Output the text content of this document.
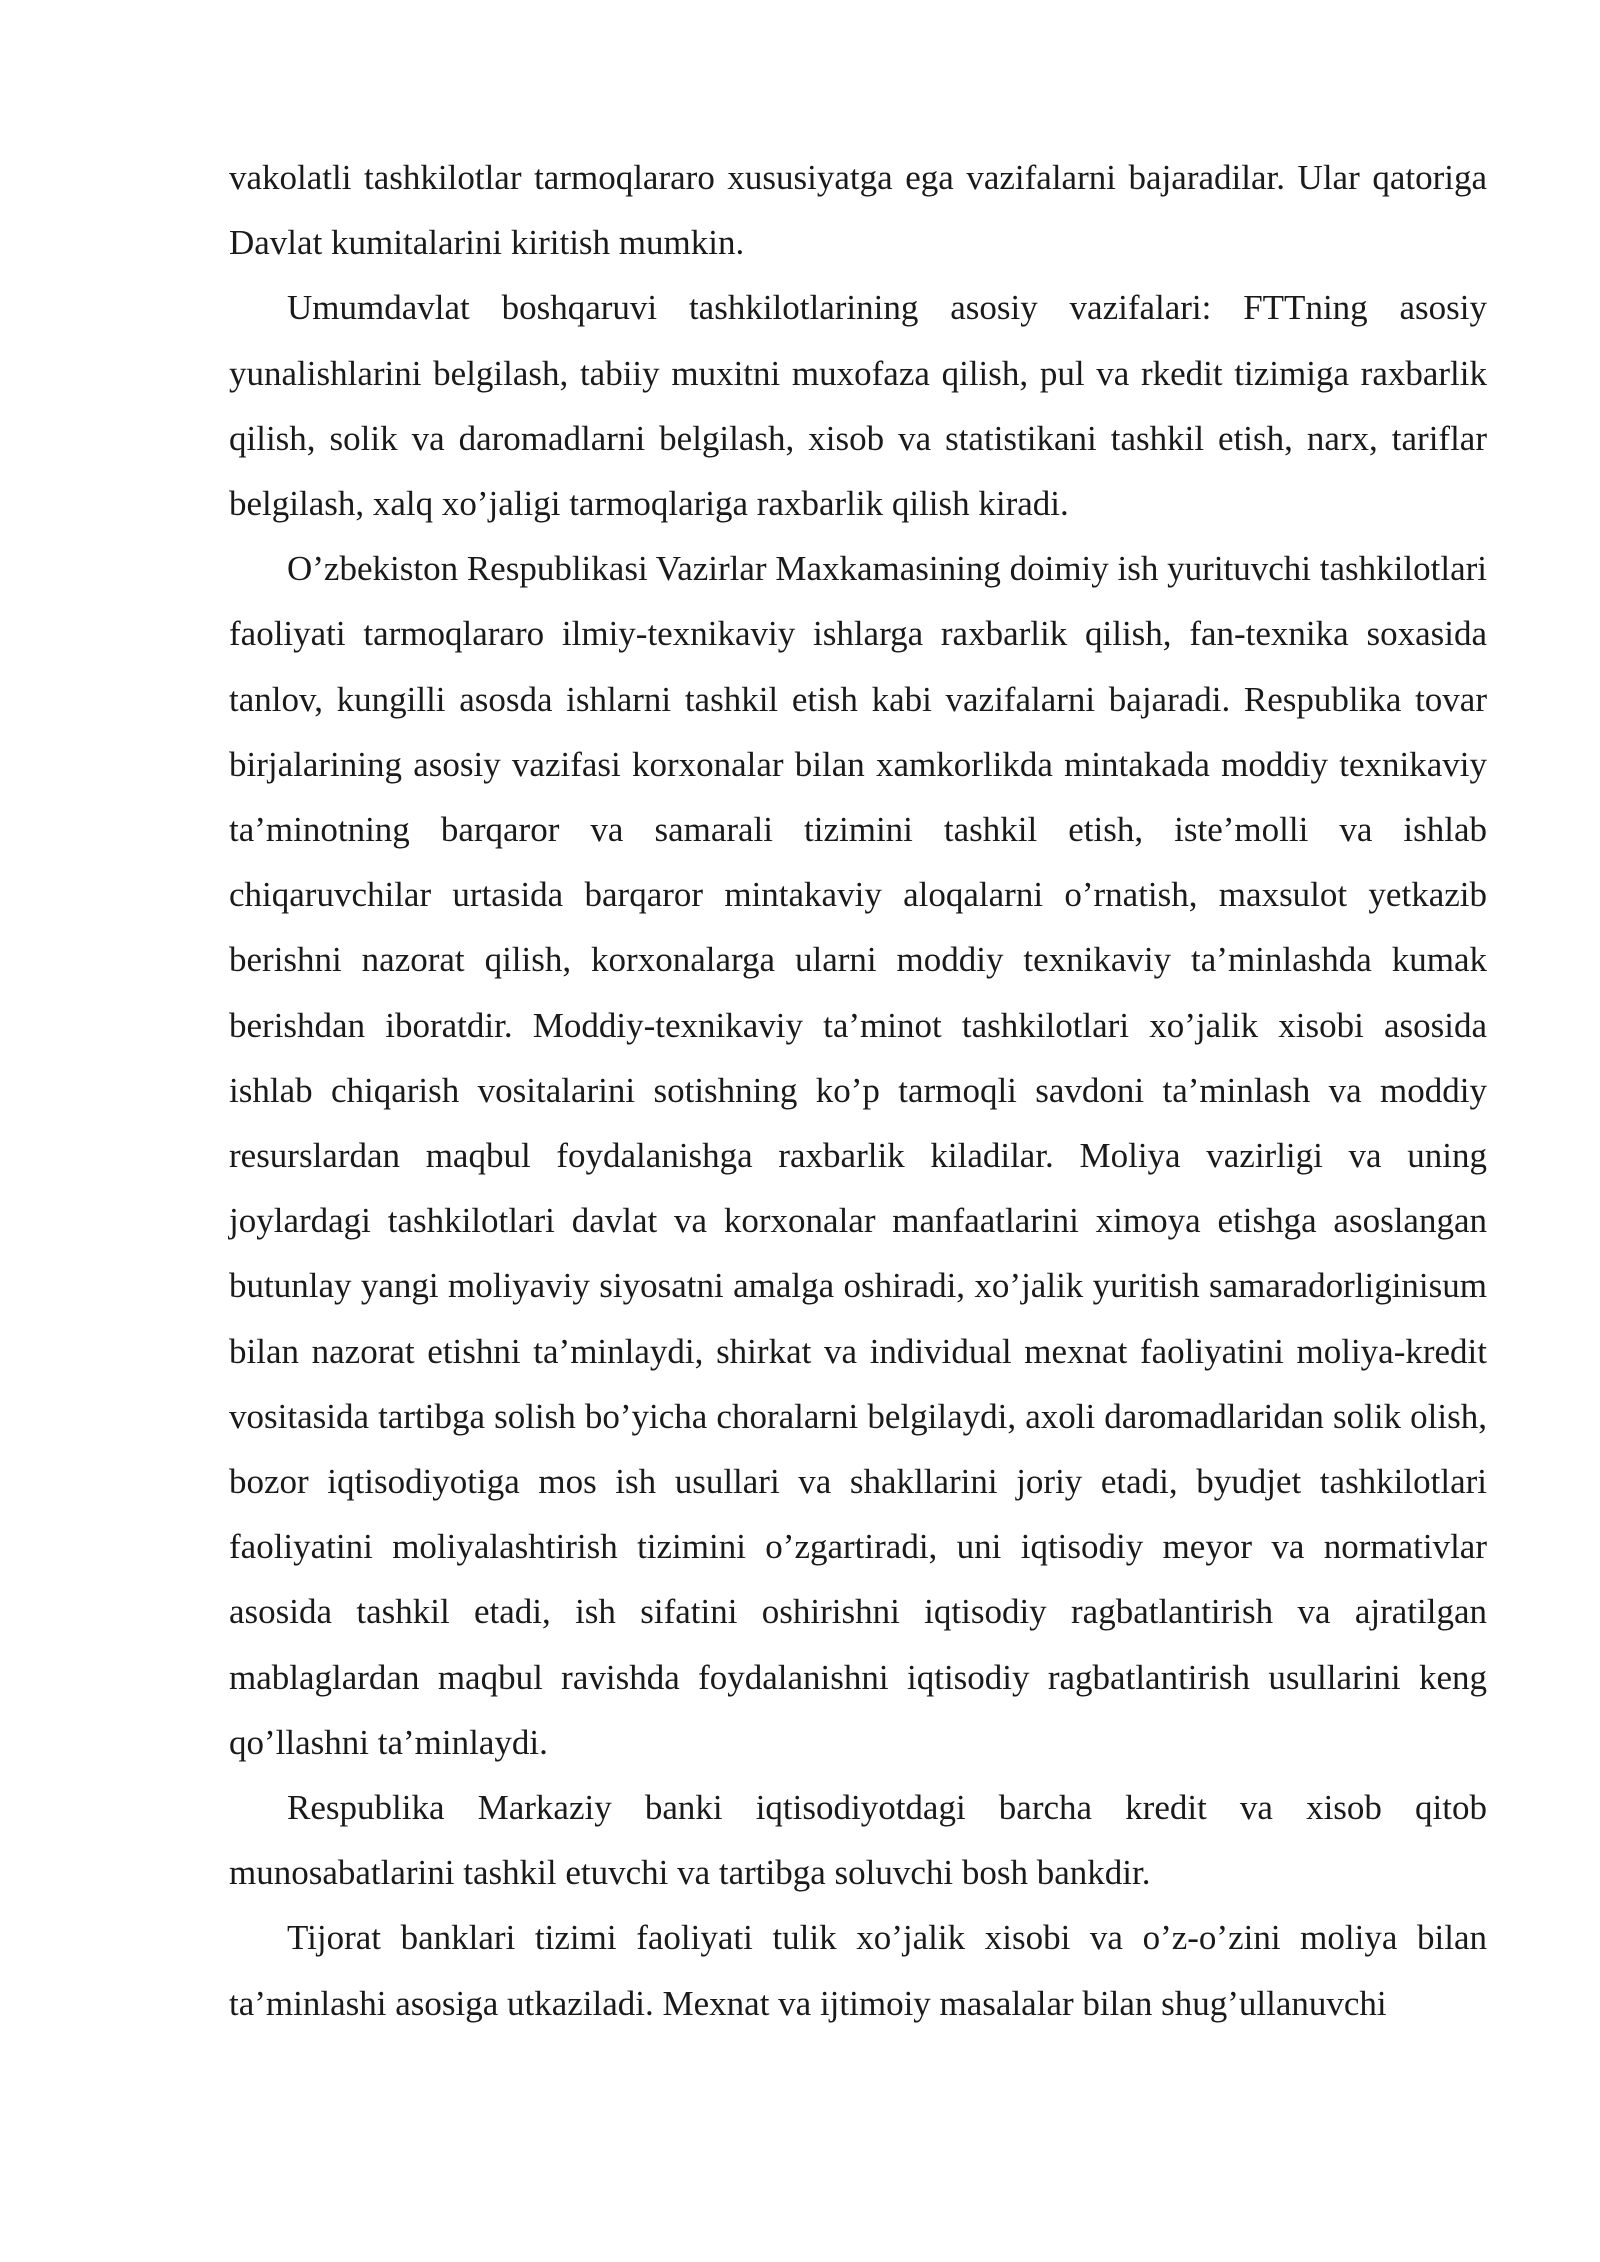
vakolatli tashkilotlar tarmoqlararo xususiyatga ega vazifalarni bajaradilar. Ular qatoriga Davlat kumitalarini kiritish mumkin.

Umumdavlat boshqaruvi tashkilotlarining asosiy vazifalari: FTTning asosiy yunalishlarini belgilash, tabiiy muxitni muxofaza qilish, pul va rkedit tizimiga raxbarlik qilish, solik va daromadlarni belgilash, xisob va statistikani tashkil etish, narx, tariflar belgilash, xalq xo’jaligi tarmoqlariga raxbarlik qilish kiradi.

O’zbekiston Respublikasi Vazirlar Maxkamasining doimiy ish yurituvchi tashkilotlari faoliyati tarmoqlararo ilmiy-texnikaviy ishlarga raxbarlik qilish, fan-texnika soxasida tanlov, kungilli asosda ishlarni tashkil etish kabi vazifalarni bajaradi. Respublika tovar birjalarining asosiy vazifasi korxonalar bilan xamkorlikda mintakada moddiy texnikaviy ta’minotning barqaror va samarali tizimini tashkil etish, iste’molli va ishlab chiqaruvchilar urtasida barqaror mintakaviy aloqalarni o’rnatish, maxsulot yetkazib berishni nazorat qilish, korxonalarga ularni moddiy texnikaviy ta’minlashda kumak berishdan iboratdir. Moddiy-texnikaviy ta’minot tashkilotlari xo’jalik xisobi asosida ishlab chiqarish vositalarini sotishning ko’p tarmoqli savdoni ta’minlash va moddiy resurslardan maqbul foydalanishga raxbarlik kiladilar. Moliya vazirligi va uning joylardagi tashkilotlari davlat va korxonalar manfaatlarini ximoya etishga asoslangan butunlay yangi moliyaviy siyosatni amalga oshiradi, xo’jalik yuritish samaradorliginisum bilan nazorat etishni ta’minlaydi, shirkat va individual mexnat faoliyatini moliya-kredit vositasida tartibga solish bo’yicha choralarni belgilaydi, axoli daromadlaridan solik olish, bozor iqtisodiyotiga mos ish usullari va shakllarini joriy etadi, byudjet tashkilotlari faoliyatini moliyalashtirish tizimini o’zgartiradi, uni iqtisodiy meyor va normativlar asosida tashkil etadi, ish sifatini oshirishni iqtisodiy ragbatlantirish va ajratilgan mablaglardan maqbul ravishda foydalanishni iqtisodiy ragbatlantirish usullarini keng qo’llashni ta’minlaydi.

Respublika Markaziy banki iqtisodiyotdagi barcha kredit va xisob qitob munosabatlarini tashkil etuvchi va tartibga soluvchi bosh bankdir.

Tijorat banklari tizimi faoliyati tulik xo’jalik xisobi va o’z-o’zini moliya bilan ta’minlashi asosiga utkaziladi. Mexnat va ijtimoiy masalalar bilan shug’ullanuvchi
